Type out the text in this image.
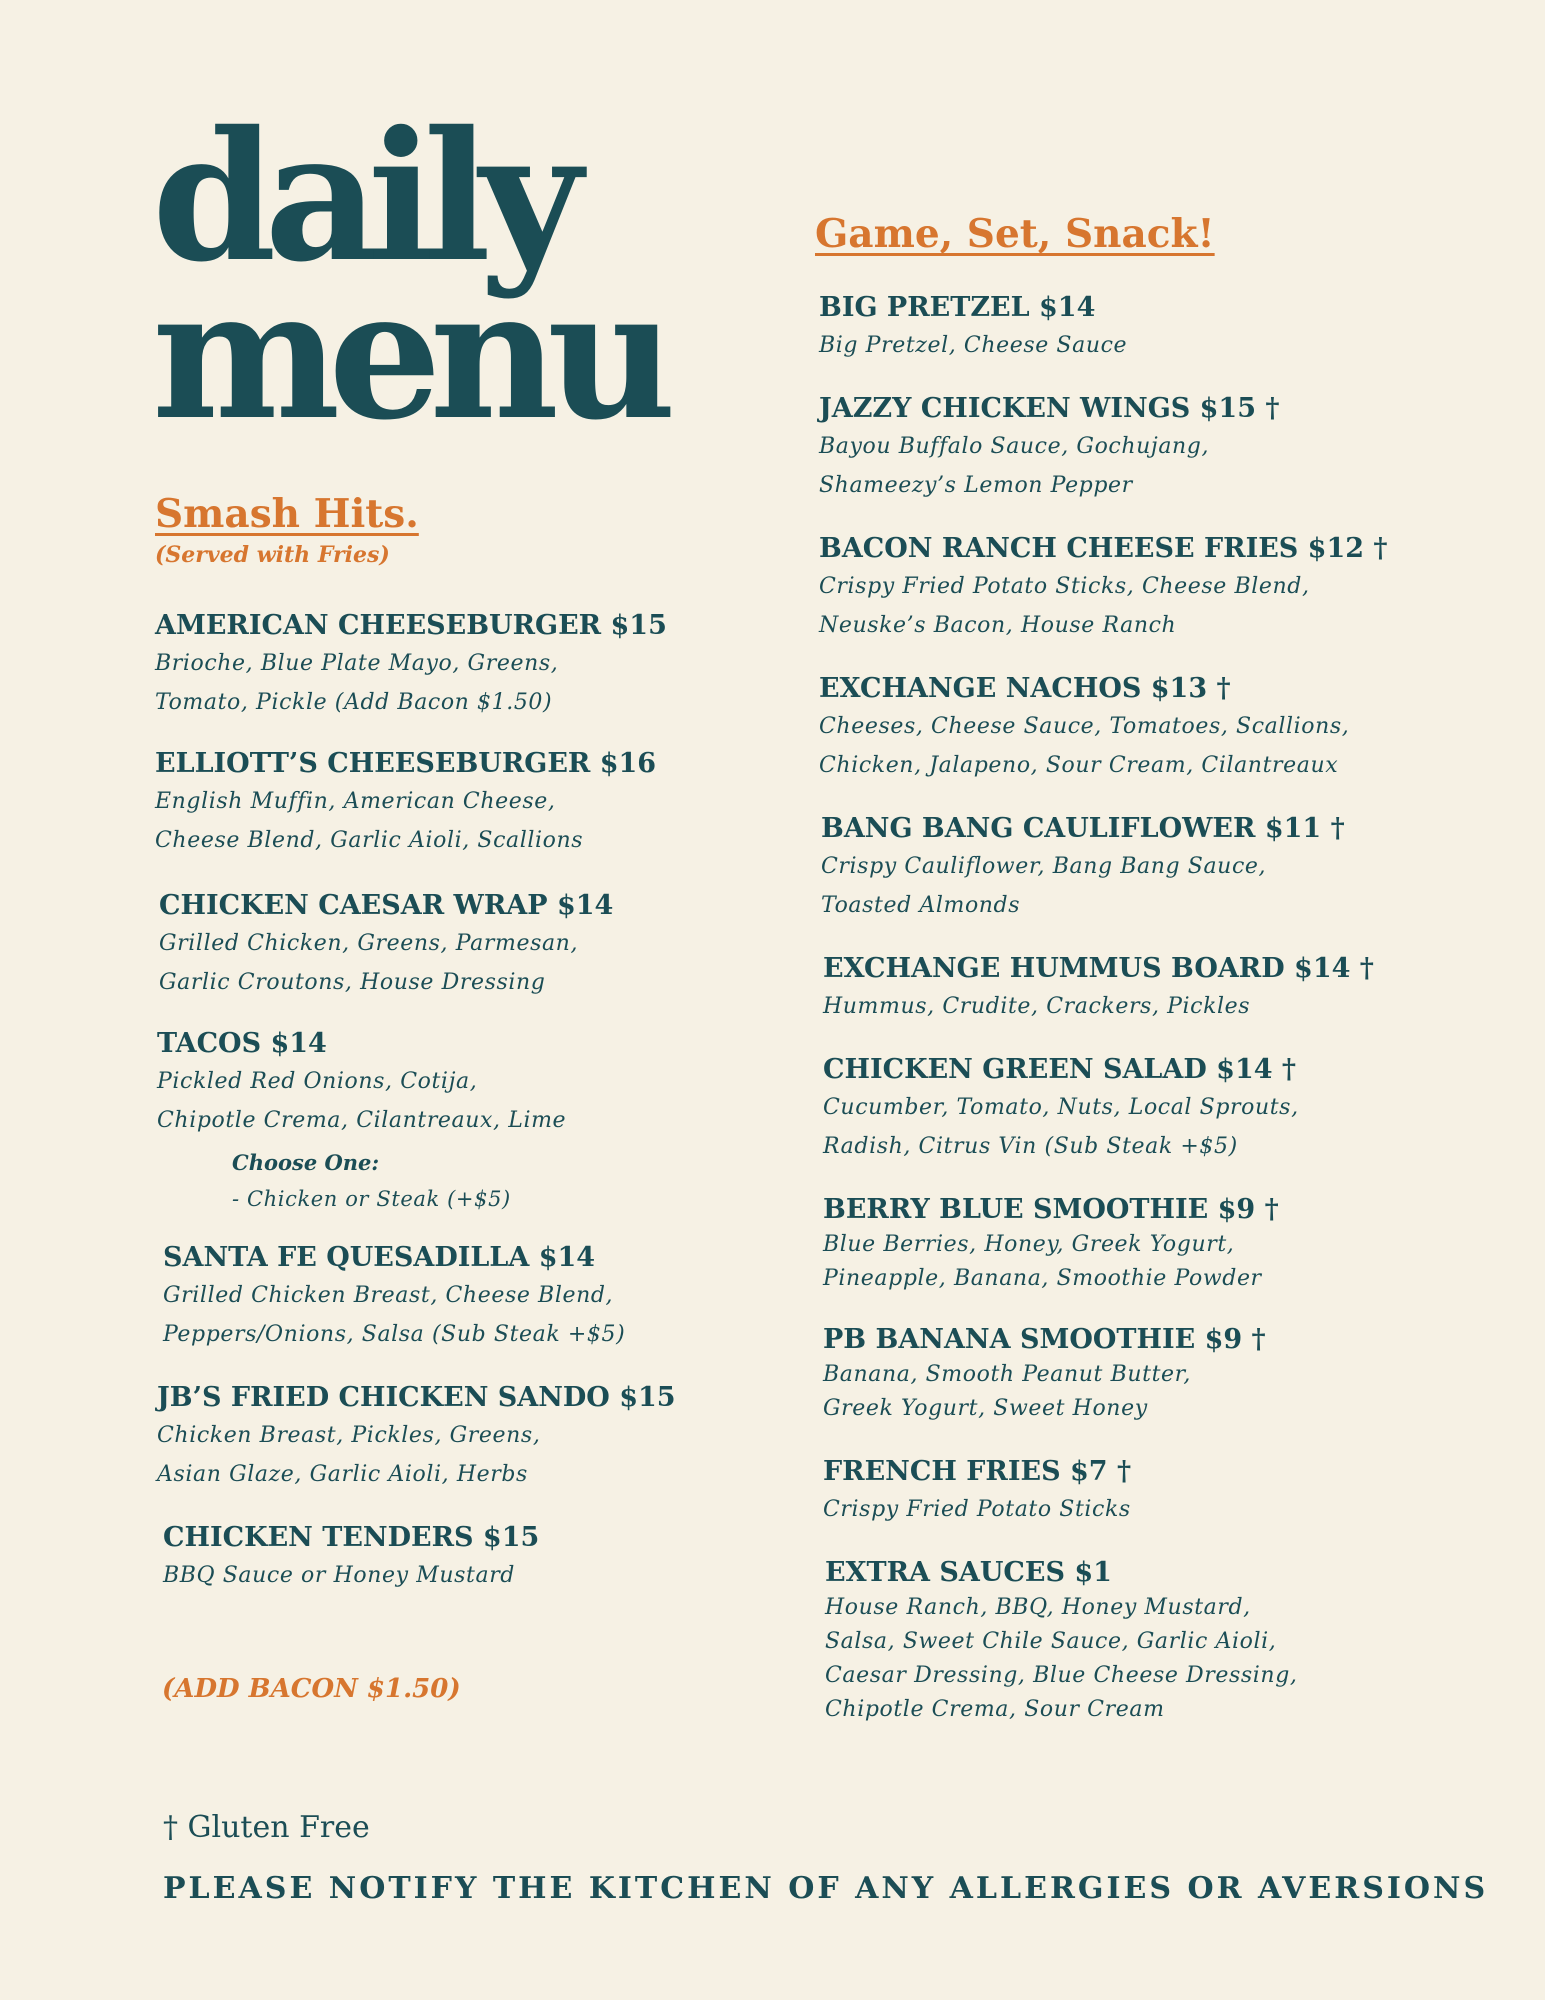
daily
menu
Smash Hits.
(Served with Fries)
AMERICAN CHEESEBURGER $15
Brioche, Blue Plate Mayo, Greens,
Tomato, Pickle (Add Bacon $1.50)
ELLIOTT’S CHEESEBURGER $16
English Muffin, American Cheese,
Cheese Blend, Garlic Aioli, Scallions
CHICKEN CAESAR WRAP $14
Grilled Chicken, Greens, Parmesan,
Garlic Croutons, House Dressing
TACOS $14
Pickled Red Onions, Cotija,
Chipotle Crema, Cilantreaux, Lime
Choose One:
- Chicken or Steak (+$5)
SANTA FE QUESADILLA $14
Grilled Chicken Breast, Cheese Blend,
Peppers/Onions, Salsa (Sub Steak +$5)
JB’S FRIED CHICKEN SANDO $15
Chicken Breast, Pickles, Greens,
Asian Glaze, Garlic Aioli, Herbs
CHICKEN TENDERS $15
BBQ Sauce or Honey Mustard
(ADD BACON $1.50)
Game, Set, Snack!
BIG PRETZEL $14
Big Pretzel, Cheese Sauce
JAZZY CHICKEN WINGS $15 †
Bayou Buffalo Sauce, Gochujang,
Shameezy’s Lemon Pepper
BACON RANCH CHEESE FRIES $12 †
Crispy Fried Potato Sticks, Cheese Blend,
Neuske’s Bacon, House Ranch
EXCHANGE NACHOS $13 †
Cheeses, Cheese Sauce, Tomatoes, Scallions,
Chicken, Jalapeno, Sour Cream, Cilantreaux
BANG BANG CAULIFLOWER $11 †
Crispy Cauliflower, Bang Bang Sauce,
Toasted Almonds
EXCHANGE HUMMUS BOARD $14 †
Hummus, Crudite, Crackers, Pickles
CHICKEN GREEN SALAD $14 †
Cucumber, Tomato, Nuts, Local Sprouts,
Radish, Citrus Vin (Sub Steak +$5)
BERRY BLUE SMOOTHIE $9 †
Blue Berries, Honey, Greek Yogurt,
Pineapple, Banana, Smoothie Powder
PB BANANA SMOOTHIE $9 †
Banana, Smooth Peanut Butter,
Greek Yogurt, Sweet Honey
FRENCH FRIES $7 †
Crispy Fried Potato Sticks
EXTRA SAUCES $1
House Ranch, BBQ, Honey Mustard,
Salsa, Sweet Chile Sauce, Garlic Aioli,
Caesar Dressing, Blue Cheese Dressing,
Chipotle Crema, Sour Cream
† Gluten Free
PLEASE NOTIFY THE KITCHEN OF ANY ALLERGIES OR AVERSIONS
